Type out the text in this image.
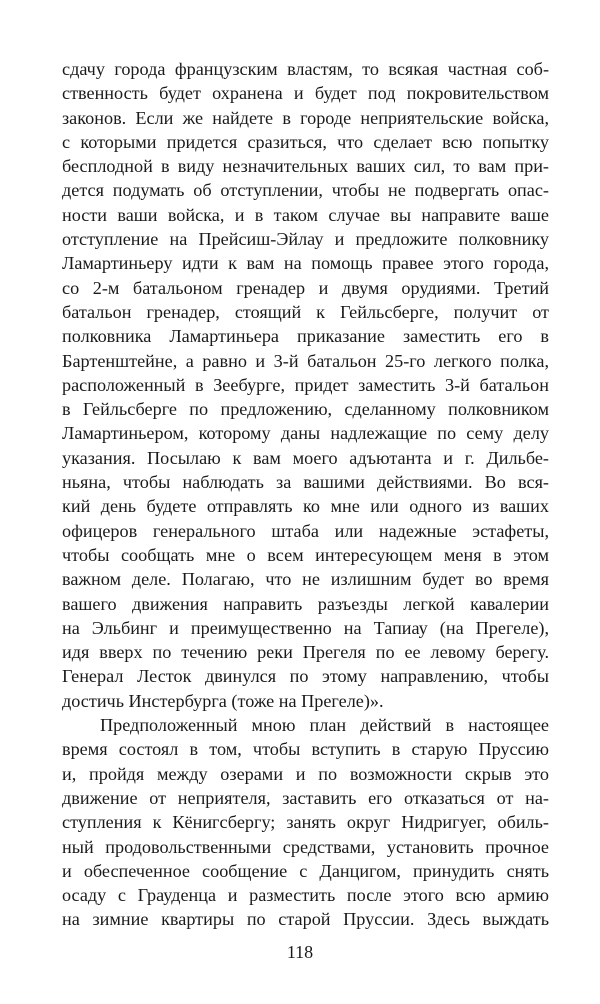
сдачу города французским властям, то всякая частная соб-
ственность будет охранена и будет под покровительством
законов. Если же найдете в городе неприятельские войска,
с которыми придется сразиться, что сделает всю попытку
бесплодной в виду незначительных ваших сил, то вам при-
дется подумать об отступлении, чтобы не подвергать опас-
ности ваши войска, и в таком случае вы направите ваше
отступление на Прейсиш-Эйлау и предложите полковнику
Ламартиньеру идти к вам на помощь правее этого города,
со 2-м батальоном гренадер и двумя орудиями. Третий
батальон гренадер, стоящий к Гейльсберге, получит от
полковника Ламартиньера приказание заместить его в
Бартенштейне, а равно и 3-й батальон 25-го легкого полка,
расположенный в Зеебурге, придет заместить 3-й батальон
в Гейльсберге по предложению, сделанному полковником
Ламартиньером, которому даны надлежащие по сему делу
указания. Посылаю к вам моего адъютанта и г. Дильбе-
ньяна, чтобы наблюдать за вашими действиями. Во вся-
кий день будете отправлять ко мне или одного из ваших
офицеров генерального штаба или надежные эстафеты,
чтобы сообщать мне о всем интересующем меня в этом
важном деле. Полагаю, что не излишним будет во время
вашего движения направить разъезды легкой кавалерии
на Эльбинг и преимущественно на Тапиау (на Прегеле),
идя вверх по течению реки Прегеля по ее левому берегу.
Генерал Лесток двинулся по этому направлению, чтобы
достичь Инстербурга (тоже на Прегеле)».
Предположенный мною план действий в настоящее
время состоял в том, чтобы вступить в старую Пруссию
и, пройдя между озерами и по возможности скрыв это
движение от неприятеля, заставить его отказаться от на-
ступления к Кёнигсбергу; занять округ Нидригуег, обиль-
ный продовольственными средствами, установить прочное
и обеспеченное сообщение с Данцигом, принудить снять
осаду с Грауденца и разместить после этого всю армию
на зимние квартиры по старой Пруссии. Здесь выждать
118
